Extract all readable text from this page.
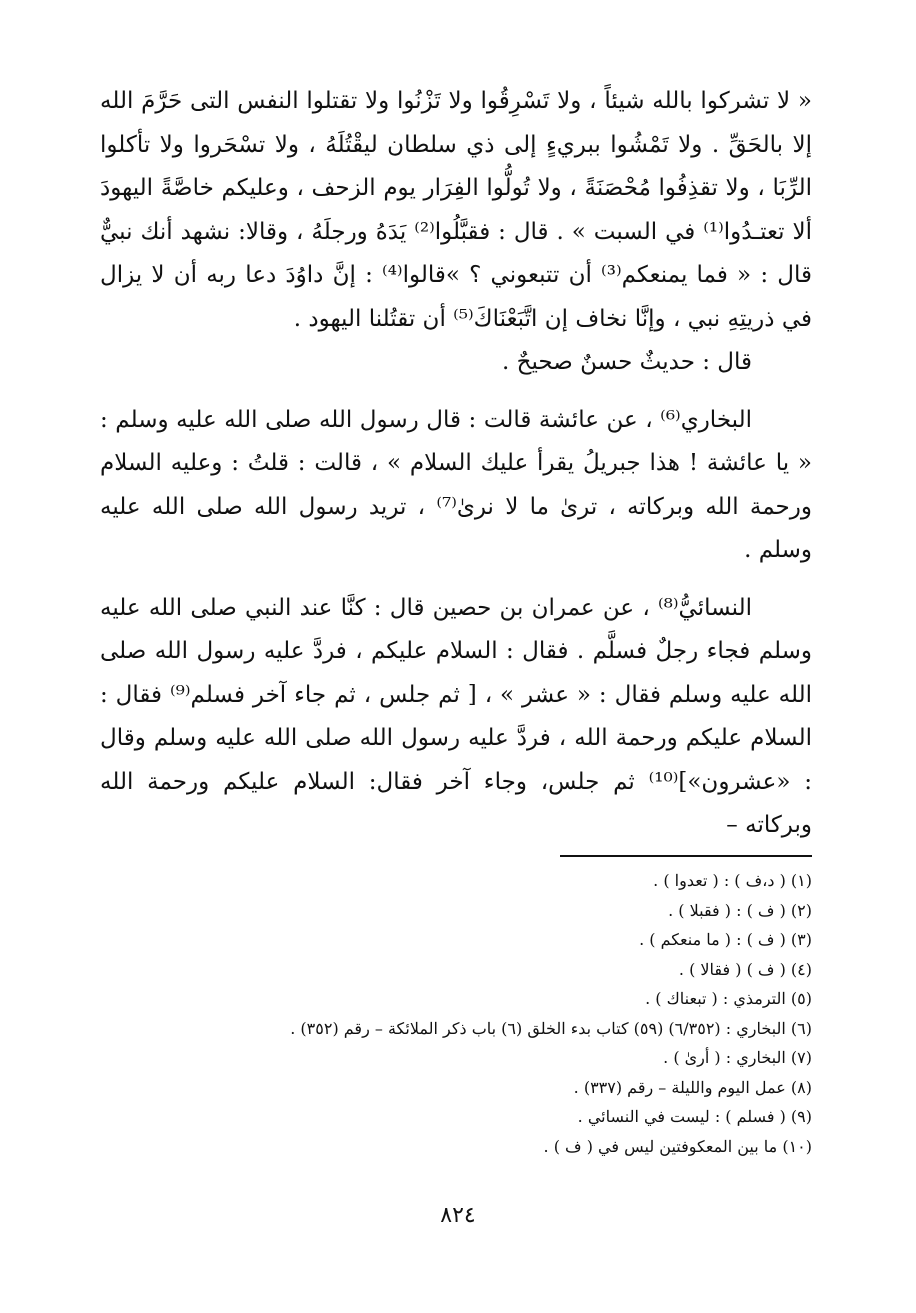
« لا تشركوا بالله شيئاً ، ولا تَسْرِقُوا ولا تَزْنُوا ولا تقتلوا النفس التى حَرَّمَ الله إلا بالحَقِّ . ولا تَمْشُوا ببريءٍ إلى ذي سلطان ليقْتُلَهُ ، ولا تسْحَروا ولا تأكلوا الرِّبَا ، ولا تقذِفُوا مُحْصَنَةً ، ولا تُولُّوا الفِرَار يوم الزحف ، وعليكم خاصَّةً اليهودَ ألا تعتـدُوا⁽¹⁾ في السبت » . قال : فقبَّلُوا⁽²⁾ يَدَهُ ورجلَهُ ، وقالا: نشهد أنك نبيٌّ قال : « فما يمنعكم⁽³⁾ أن تتبعوني ؟ »قالوا⁽⁴⁾ : إنَّ داوُدَ دعا ربه أن لا يزال في ذريتِهِ نبي ، وإنَّا نخاف إن اتَّبَعْنَاكَ⁽⁵⁾ أن تقتُلنا اليهود .

قال : حديثٌ حسنٌ صحيحٌ .

البخاري⁽⁶⁾ ، عن عائشة قالت : قال رسول الله صلى الله عليه وسلم : « يا عائشة ! هذا جبريلُ يقرأ عليك السلام » ، قالت : قلتُ : وعليه السلام ورحمة الله وبركاته ، ترىٰ ما لا نرىٰ⁽⁷⁾ ، تريد رسول الله صلى الله عليه وسلم .

النسائيُّ⁽⁸⁾ ، عن عمران بن حصين قال : كنَّا عند النبي صلى الله عليه وسلم فجاء رجلٌ فسلَّم . فقال : السلام عليكم ، فردَّ عليه رسول الله صلى الله عليه وسلم فقال : « عشر » ، [ ثم جلس ، ثم جاء آخر فسلم⁽⁹⁾ فقال : السلام عليكم ورحمة الله ، فردَّ عليه رسول الله صلى الله عليه وسلم وقال : «عشرون»]⁽¹⁰⁾ ثم جلس، وجاء آخر فقال: السلام عليكم ورحمة الله وبركاته –

(١) ( د،ف ) : ( تعدوا ) .
(٢) ( ف ) : ( فقبلا ) .
(٣) ( ف ) : ( ما منعكم ) .
(٤) ( ف ) ( فقالا ) .
(٥) الترمذي : ( تبعناك ) .
(٦) البخاري : (٦/٣٥٢) (٥٩) كتاب بدء الخلق (٦) باب ذكر الملائكة – رقم (٣٥٢) .
(٧) البخاري : ( أرىٰ ) .
(٨) عمل اليوم والليلة – رقم (٣٣٧) .
(٩) ( فسلم ) : ليست في النسائي .
(١٠) ما بين المعكوفتين ليس في ( ف ) .
٨٢٤
